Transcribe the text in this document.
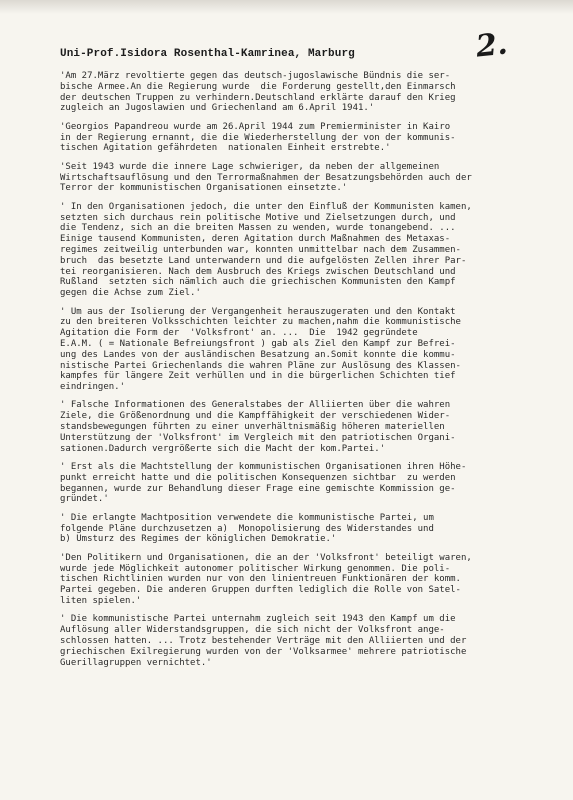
2.
Uni-Prof.Isidora Rosenthal-Kamrinea, Marburg
'Am 27.März revoltierte gegen das deutsch-jugoslawische Bündnis die ser-
bische Armee.An die Regierung wurde  die Forderung gestellt,den Einmarsch
der deutschen Truppen zu verhindern.Deutschland erklärte darauf den Krieg
zugleich an Jugoslawien und Griechenland am 6.April 1941.'
'Georgios Papandreou wurde am 26.April 1944 zum Premierminister in Kairo
in der Regierung ernannt, die die Wiederherstellung der von der kommunis-
tischen Agitation gefährdeten  nationalen Einheit erstrebte.'
'Seit 1943 wurde die innere Lage schwieriger, da neben der allgemeinen
Wirtschaftsauflösung und den Terrormaßnahmen der Besatzungsbehörden auch der
Terror der kommunistischen Organisationen einsetzte.'
' In den Organisationen jedoch, die unter den Einfluß der Kommunisten kamen,
setzten sich durchaus rein politische Motive und Zielsetzungen durch, und
die Tendenz, sich an die breiten Massen zu wenden, wurde tonangebend. ...
Einige tausend Kommunisten, deren Agitation durch Maßnahmen des Metaxas-
regimes zeitweilig unterbunden war, konnten unmittelbar nach dem Zusammen-
bruch  das besetzte Land unterwandern und die aufgelösten Zellen ihrer Par-
tei reorganisieren. Nach dem Ausbruch des Kriegs zwischen Deutschland und
Rußland  setzten sich nämlich auch die griechischen Kommunisten den Kampf
gegen die Achse zum Ziel.'
' Um aus der Isolierung der Vergangenheit herauszugeraten und den Kontakt
zu den breiteren Volksschichten leichter zu machen,nahm die kommunistische
Agitation die Form der  'Volksfront' an. ...  Die  1942 gegründete
E.A.M. ( = Nationale Befreiungsfront ) gab als Ziel den Kampf zur Befrei-
ung des Landes von der ausländischen Besatzung an.Somit konnte die kommu-
nistische Partei Griechenlands die wahren Pläne zur Auslösung des Klassen-
kampfes für längere Zeit verhüllen und in die bürgerlichen Schichten tief
eindringen.'
' Falsche Informationen des Generalstabes der Alliierten über die wahren
Ziele, die Größenordnung und die Kampffähigkeit der verschiedenen Wider-
standsbewegungen führten zu einer unverhältnismäßig höheren materiellen
Unterstützung der 'Volksfront' im Vergleich mit den patriotischen Organi-
sationen.Dadurch vergrößerte sich die Macht der kom.Partei.'
' Erst als die Machtstellung der kommunistischen Organisationen ihren Höhe-
punkt erreicht hatte und die politischen Konsequenzen sichtbar  zu werden
begannen, wurde zur Behandlung dieser Frage eine gemischte Kommission ge-
gründet.'
' Die erlangte Machtposition verwendete die kommunistische Partei, um
folgende Pläne durchzusetzen a)  Monopolisierung des Widerstandes und
b) Umsturz des Regimes der königlichen Demokratie.'
'Den Politikern und Organisationen, die an der 'Volksfront' beteiligt waren,
wurde jede Möglichkeit autonomer politischer Wirkung genommen. Die poli-
tischen Richtlinien wurden nur von den linientreuen Funktionären der komm.
Partei gegeben. Die anderen Gruppen durften lediglich die Rolle von Satel-
liten spielen.'
' Die kommunistische Partei unternahm zugleich seit 1943 den Kampf um die
Auflösung aller Widerstandsgruppen, die sich nicht der Volksfront ange-
schlossen hatten. ... Trotz bestehender Verträge mit den Alliierten und der
griechischen Exilregierung wurden von der 'Volksarmee' mehrere patriotische
Guerillagruppen vernichtet.'
